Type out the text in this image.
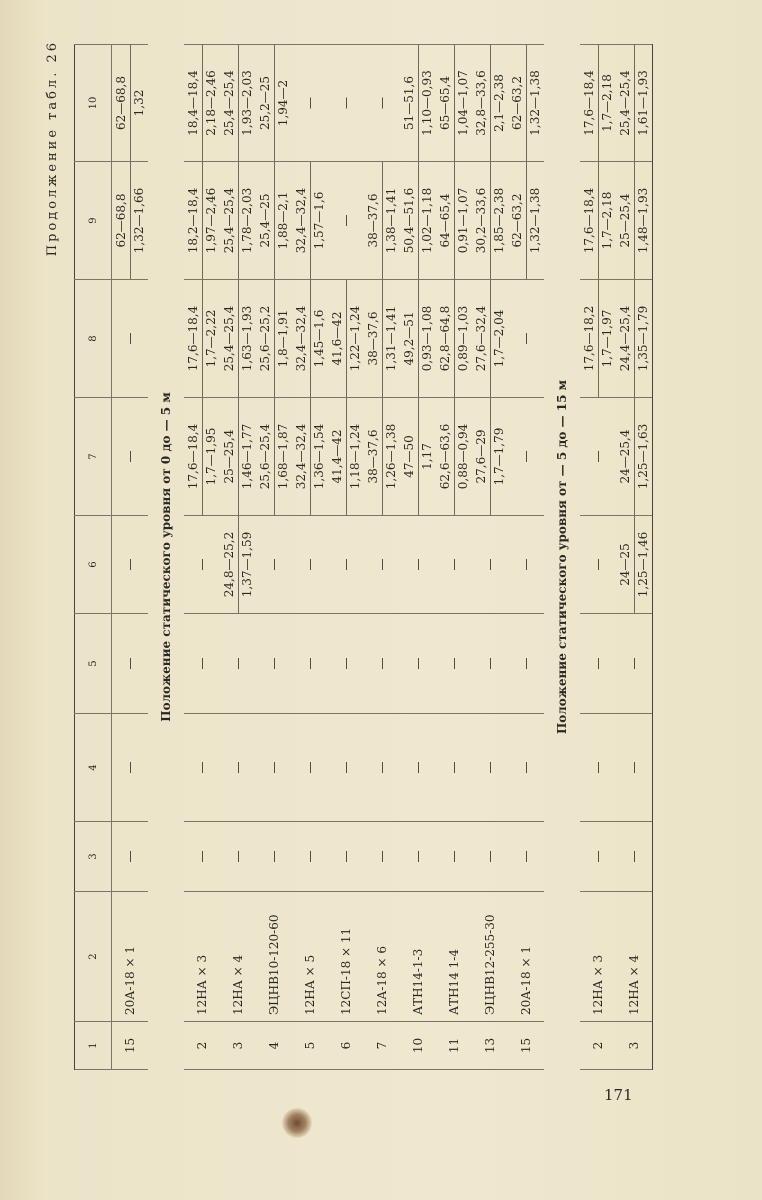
171
Продолжение табл. 26
1	2	3	4	5	6	7	8	9	10
15	20А-18 × 1	—	—	—	—	—	—	62—68,8 1,32—1,66	62—68,8 1,32

Положение статического уровня от 0 до — 5 м									
2	12НА × 3	—	—	—	—	17,6—18,4 1,7—1,95	17,6—18,4 1,7—2,22	18,2—18,4 1,97—2,46	18,4—18,4 2,18—2,46

3	12НА × 4	—	—	—	24,8—25,2 1,37—1,59	25—25,4 1,46—1,77	25,4—25,4 1,63—1,93	25,4—25,4 1,78—2,03	25,4—25,4 1,93—2,03

4	ЭЦНВ10-120-60	—	—	—	—	25,6—25,4 1,68—1,87	25,6—25,2 1,8—1,91	25,4—25 1,88—2,1	25,2—25 1,94—2

5	12НА × 5	—	—	—	—	32,4—32,4 1,36—1,54	32,4—32,4 1,45—1,6	32,4—32,4 1,57—1,6	—
6	12СП-18 × 11	—	—	—	—	41,4—42 1,18—1,24	41,6—42 1,22—1,24	—	—
7	12А-18 × 6	—	—	—	—	38—37,6 1,26—1,38	38—37,6 1,31—1,41	38—37,6 1,38—1,41	—
10	АТН14-1-3	—	—	—	—	47—50 1,17	49,2—51 0,93—1,08	50,4—51,6 1,02—1,18	51—51,6 1,10—0,93

11	АТН14 1-4	—	—	—	—	62,6—63,6 0,88—0,94	62,8—64,8 0,89—1,03	64—65,4 0,91—1,07	65—65,4 1,04—1,07

13	ЭЦНВ12-255-30	—	—	—	—	27,6—29 1,7—1,79	27,6—32,4 1,7—2,04	30,2—33,6 1,85—2,38	32,8—33,6 2,1—2,38

15	20А-18 × 1	—	—	—	—	—	—	62—63,2 1,32—1,38	62—63,2 1,32—1,38

Положение статического уровня от — 5 до — 15 м									
2	12НА × 3	—	—	—	—	—	17,6—18,2 1,7—1,97	17,6—18,4 1,7—2,18	17,6—18,4 1,7—2,18

3	12НА × 4	—	—	—	24—25 1,25—1,46	24—25,4 1,25—1,63	24,4—25,4 1,35—1,79	25—25,4 1,48—1,93	25,4—25,4 1,61—1,93
